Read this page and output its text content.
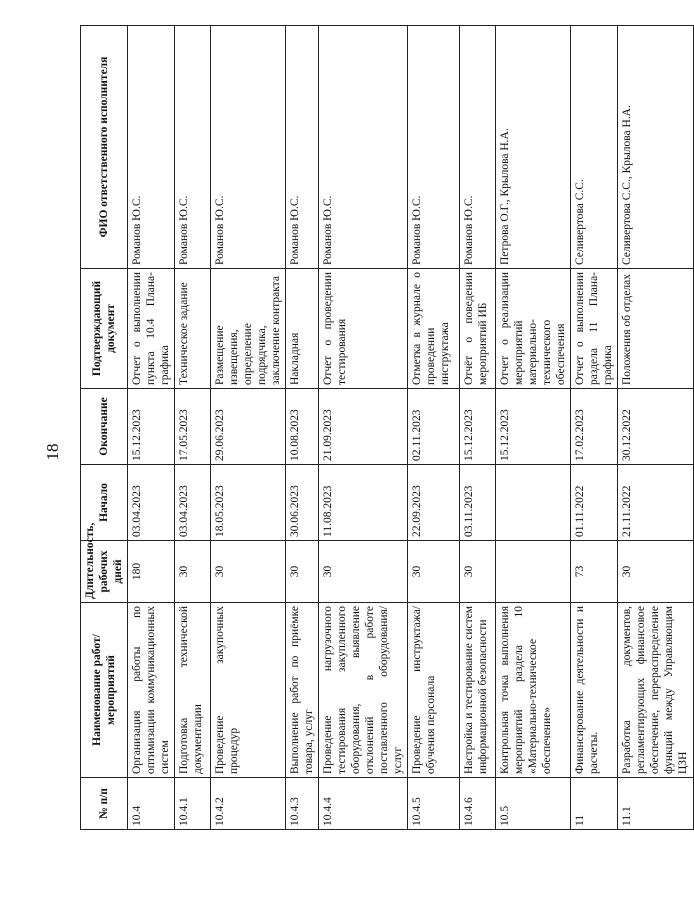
18
№ п/п	Наименование работ/мероприятий	Длительность, рабочих дней	Начало	Окончание	Подтверждающий документ	ФИО ответственного исполнителя
10.4	Организация работы по оптимизации коммуникационных систем	180	03.04.2023	15.12.2023	Отчет о выполнении пункта 10.4 Плана-графика	Романов Ю.С.
10.4.1	Подготовка технической документации	30	03.04.2023	17.05.2023	Техническое задание	Романов Ю.С.
10.4.2	Проведение закупочных процедур	30	18.05.2023	29.06.2023	Размещение извещения, определение подрядчика, заключение контракта	Романов Ю.С.
10.4.3	Выполнение работ по приёмке товара, услуг	30	30.06.2023	10.08.2023	Накладная	Романов Ю.С.
10.4.4	Проведение нагрузочного тестирования закупленного оборудования, выявление отклонений в работе поставленного оборудования/услуг	30	11.08.2023	21.09.2023	Отчет о проведении тестирования	Романов Ю.С.
10.4.5	Проведение инструктажа/обучения персонала	30	22.09.2023	02.11.2023	Отметка в журнале о проведении инструктажа	Романов Ю.С.
10.4.6	Настройка и тестирование систем информационной безопасности	30	03.11.2023	15.12.2023	Отчёт о поведении мероприятий ИБ	Романов Ю.С.
10.5	Контрольная точка выполнения мероприятий раздела 10 «Материально-техническое обеспечение»			15.12.2023	Отчет о реализации мероприятий материально-технического обеспечения	Петрова О.Г., Крылова Н.А.
11	Финансирование деятельности и расчеты.	73	01.11.2022	17.02.2023	Отчет о выполнении раздела 11 Плана-графика	Селивертова С.С.
11.1	Разработка документов, регламентирующих финансовое обеспечение, перераспределение функций между Управляющим ЦЗН	30	21.11.2022	30.12.2022	Положения об отделах	Селивертова С.С., Крылова Н.А.
